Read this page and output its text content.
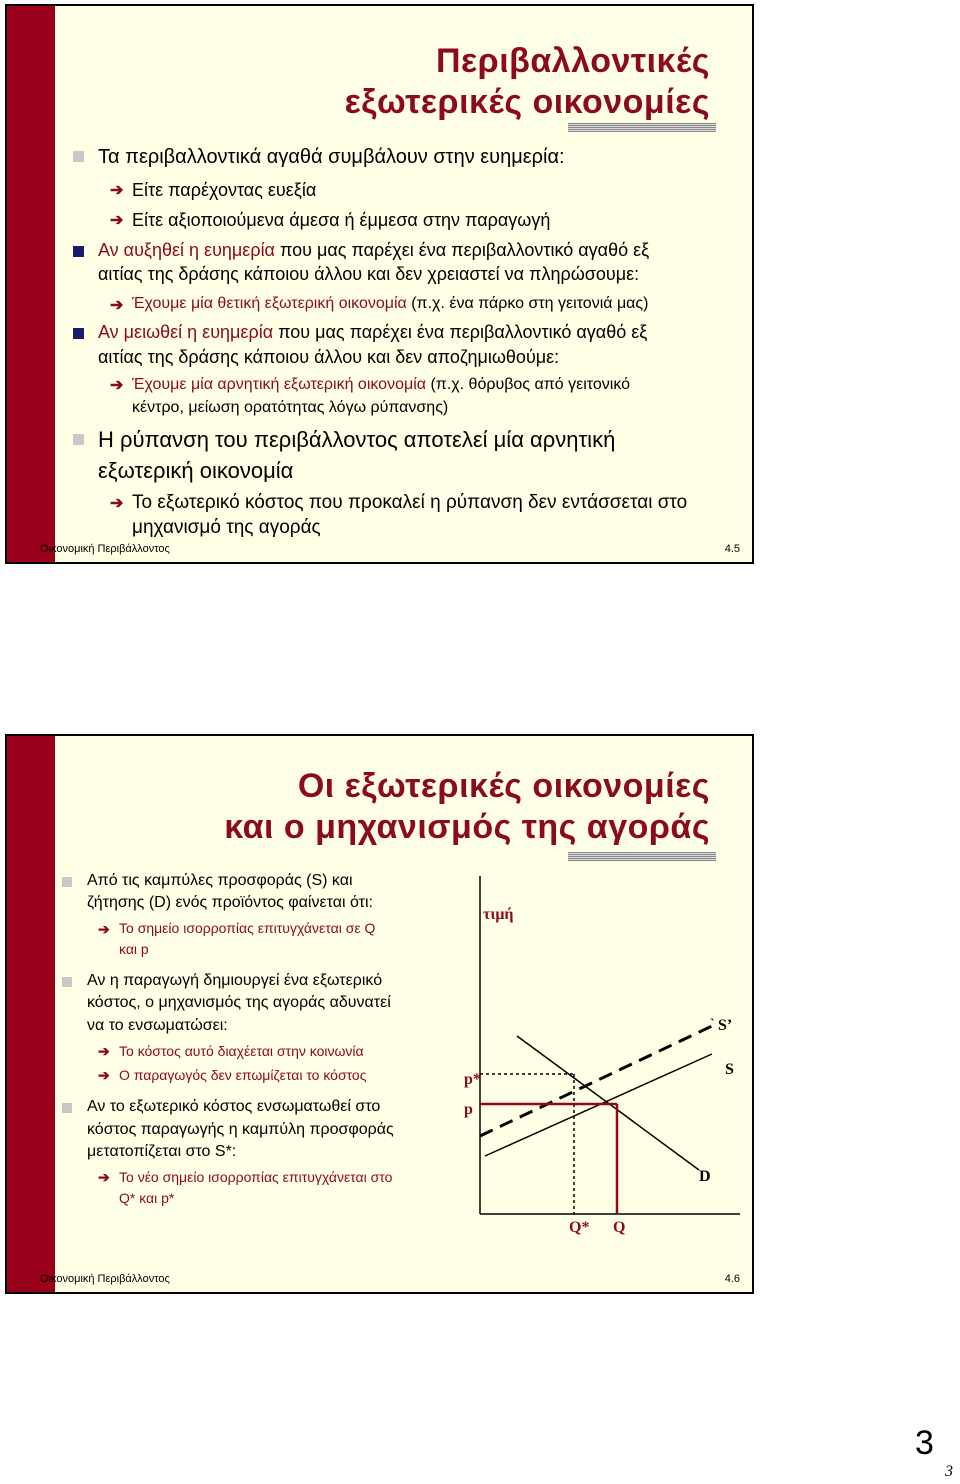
Περιβαλλοντικές
εξωτερικές οικονομίες
Τα περιβαλλοντικά αγαθά συμβάλουν στην ευημερία:
➔ Είτε παρέχοντας ευεξία
➔ Είτε αξιοποιούμενα άμεσα ή έμμεσα στην παραγωγή
Αν αυξηθεί η ευημερία που μας παρέχει ένα περιβαλλοντικό αγαθό εξ
αιτίας της δράσης κάποιου άλλου και δεν χρειαστεί να πληρώσουμε:
➔ Έχουμε μία θετική εξωτερική οικονομία (π.χ. ένα πάρκο στη γειτονιά μας)
Αν μειωθεί η ευημερία που μας παρέχει ένα περιβαλλοντικό αγαθό εξ
αιτίας της δράσης κάποιου άλλου και δεν αποζημιωθούμε:
➔ Έχουμε μία αρνητική εξωτερική οικονομία (π.χ. θόρυβος από γειτονικό
κέντρο, μείωση ορατότητας λόγω ρύπανσης)
Η ρύπανση του περιβάλλοντος αποτελεί μία αρνητική
εξωτερική οικονομία
➔ Το εξωτερικό κόστος που προκαλεί η ρύπανση δεν εντάσσεται στο
μηχανισμό της αγοράς
Οικονομική Περιβάλλοντος	4.5
Οι εξωτερικές οικονομίες
και ο μηχανισμός της αγοράς
Από τις καμπύλες προσφοράς (S) και
ζήτησης (D) ενός προϊόντος φαίνεται ότι:
➔ Το σημείο ισορροπίας επιτυγχάνεται σε Q
και p
Αν η παραγωγή δημιουργεί ένα εξωτερικό
κόστος, ο μηχανισμός της αγοράς αδυνατεί
να το ενσωματώσει:
➔ Το κόστος αυτό διαχέεται στην κοινωνία
➔ Ο παραγωγός δεν επωμίζεται το κόστος
Αν το εξωτερικό κόστος ενσωματωθεί στο
κόστος παραγωγής η καμπύλη προσφοράς
μετατοπίζεται στο S*:
➔ Το νέο σημείο ισορροπίας επιτυγχάνεται στο
Q* και p*
τιμή
p*
p
` S’
S
D
Q* Q
Οικονομική Περιβάλλοντος	4.6
3
3
